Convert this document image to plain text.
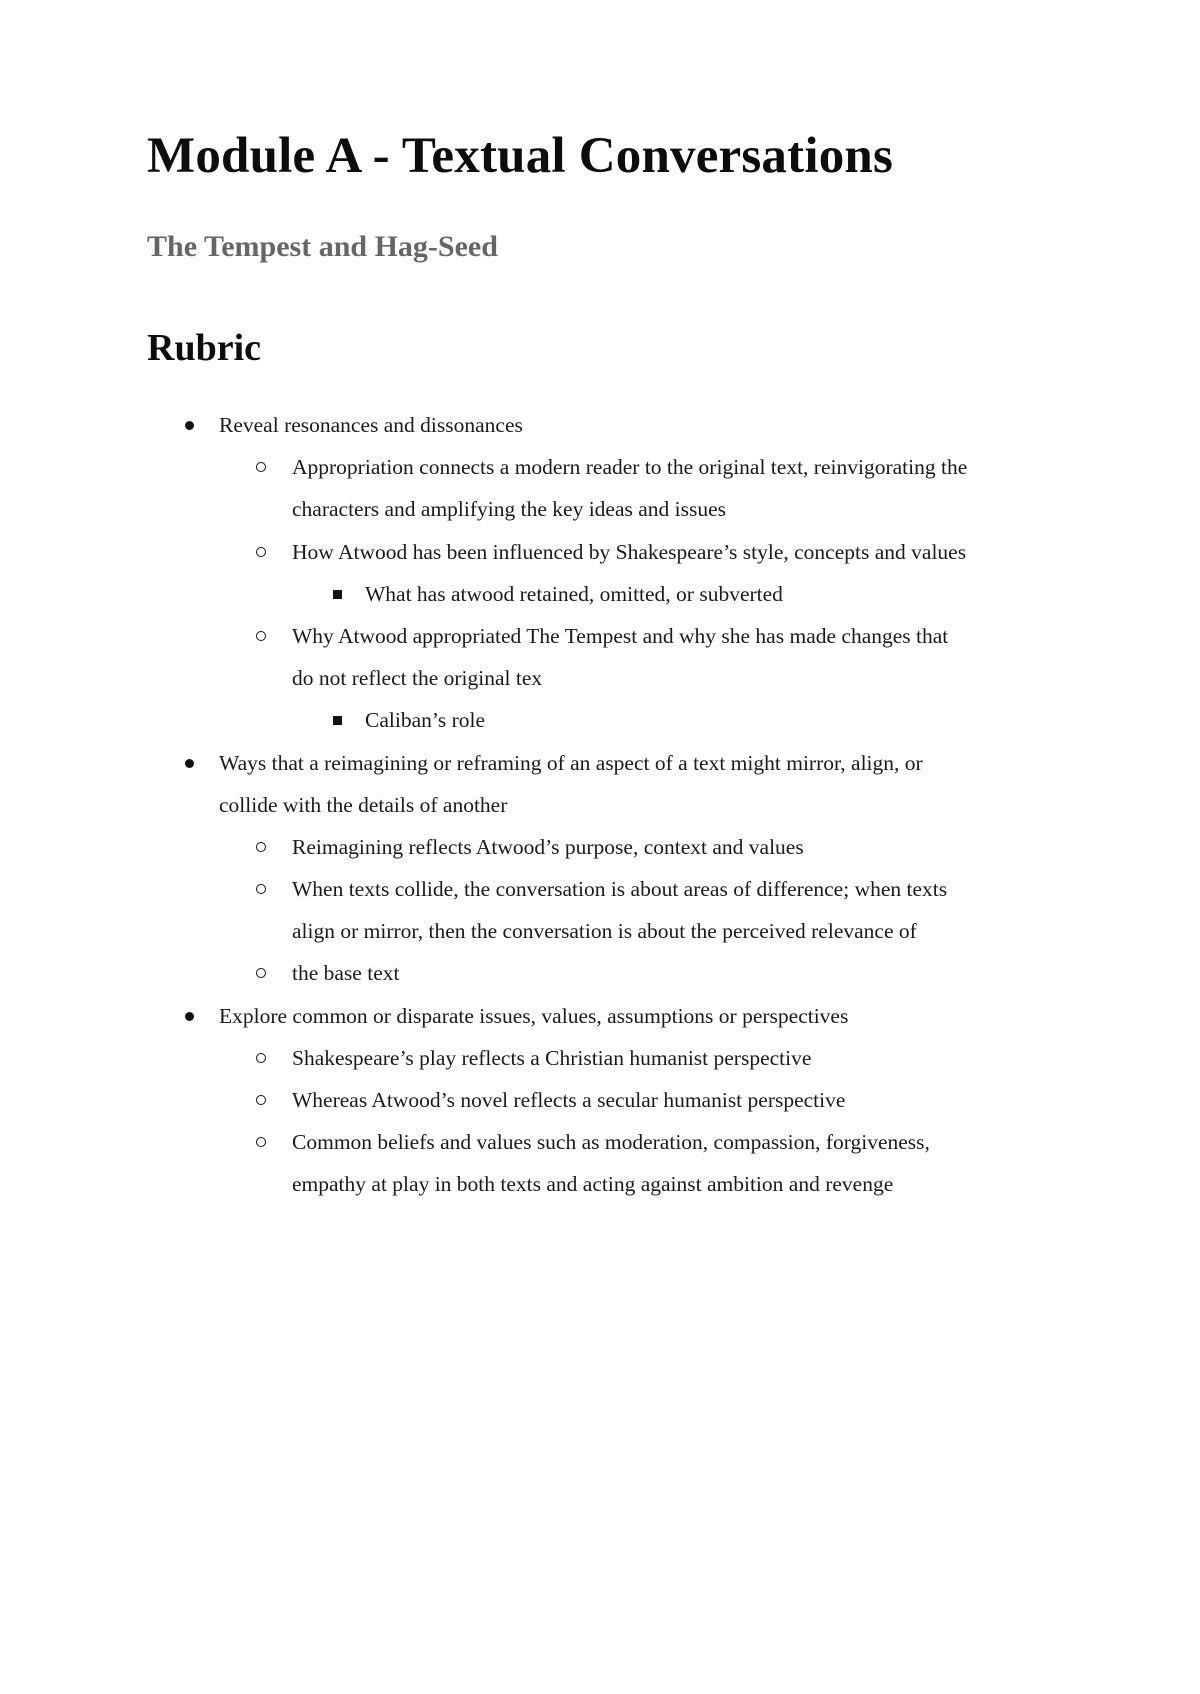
Module A - Textual Conversations
The Tempest and Hag-Seed
Rubric
Reveal resonances and dissonances
Appropriation connects a modern reader to the original text, reinvigorating the
characters and amplifying the key ideas and issues
How Atwood has been influenced by Shakespeare’s style, concepts and values
What has atwood retained, omitted, or subverted
Why Atwood appropriated The Tempest and why she has made changes that
do not reflect the original tex
Caliban’s role
Ways that a reimagining or reframing of an aspect of a text might mirror, align, or
collide with the details of another
Reimagining reflects Atwood’s purpose, context and values
When texts collide, the conversation is about areas of difference; when texts
align or mirror, then the conversation is about the perceived relevance of
the base text
Explore common or disparate issues, values, assumptions or perspectives
Shakespeare’s play reflects a Christian humanist perspective
Whereas Atwood’s novel reflects a secular humanist perspective
Common beliefs and values such as moderation, compassion, forgiveness,
empathy at play in both texts and acting against ambition and revenge
